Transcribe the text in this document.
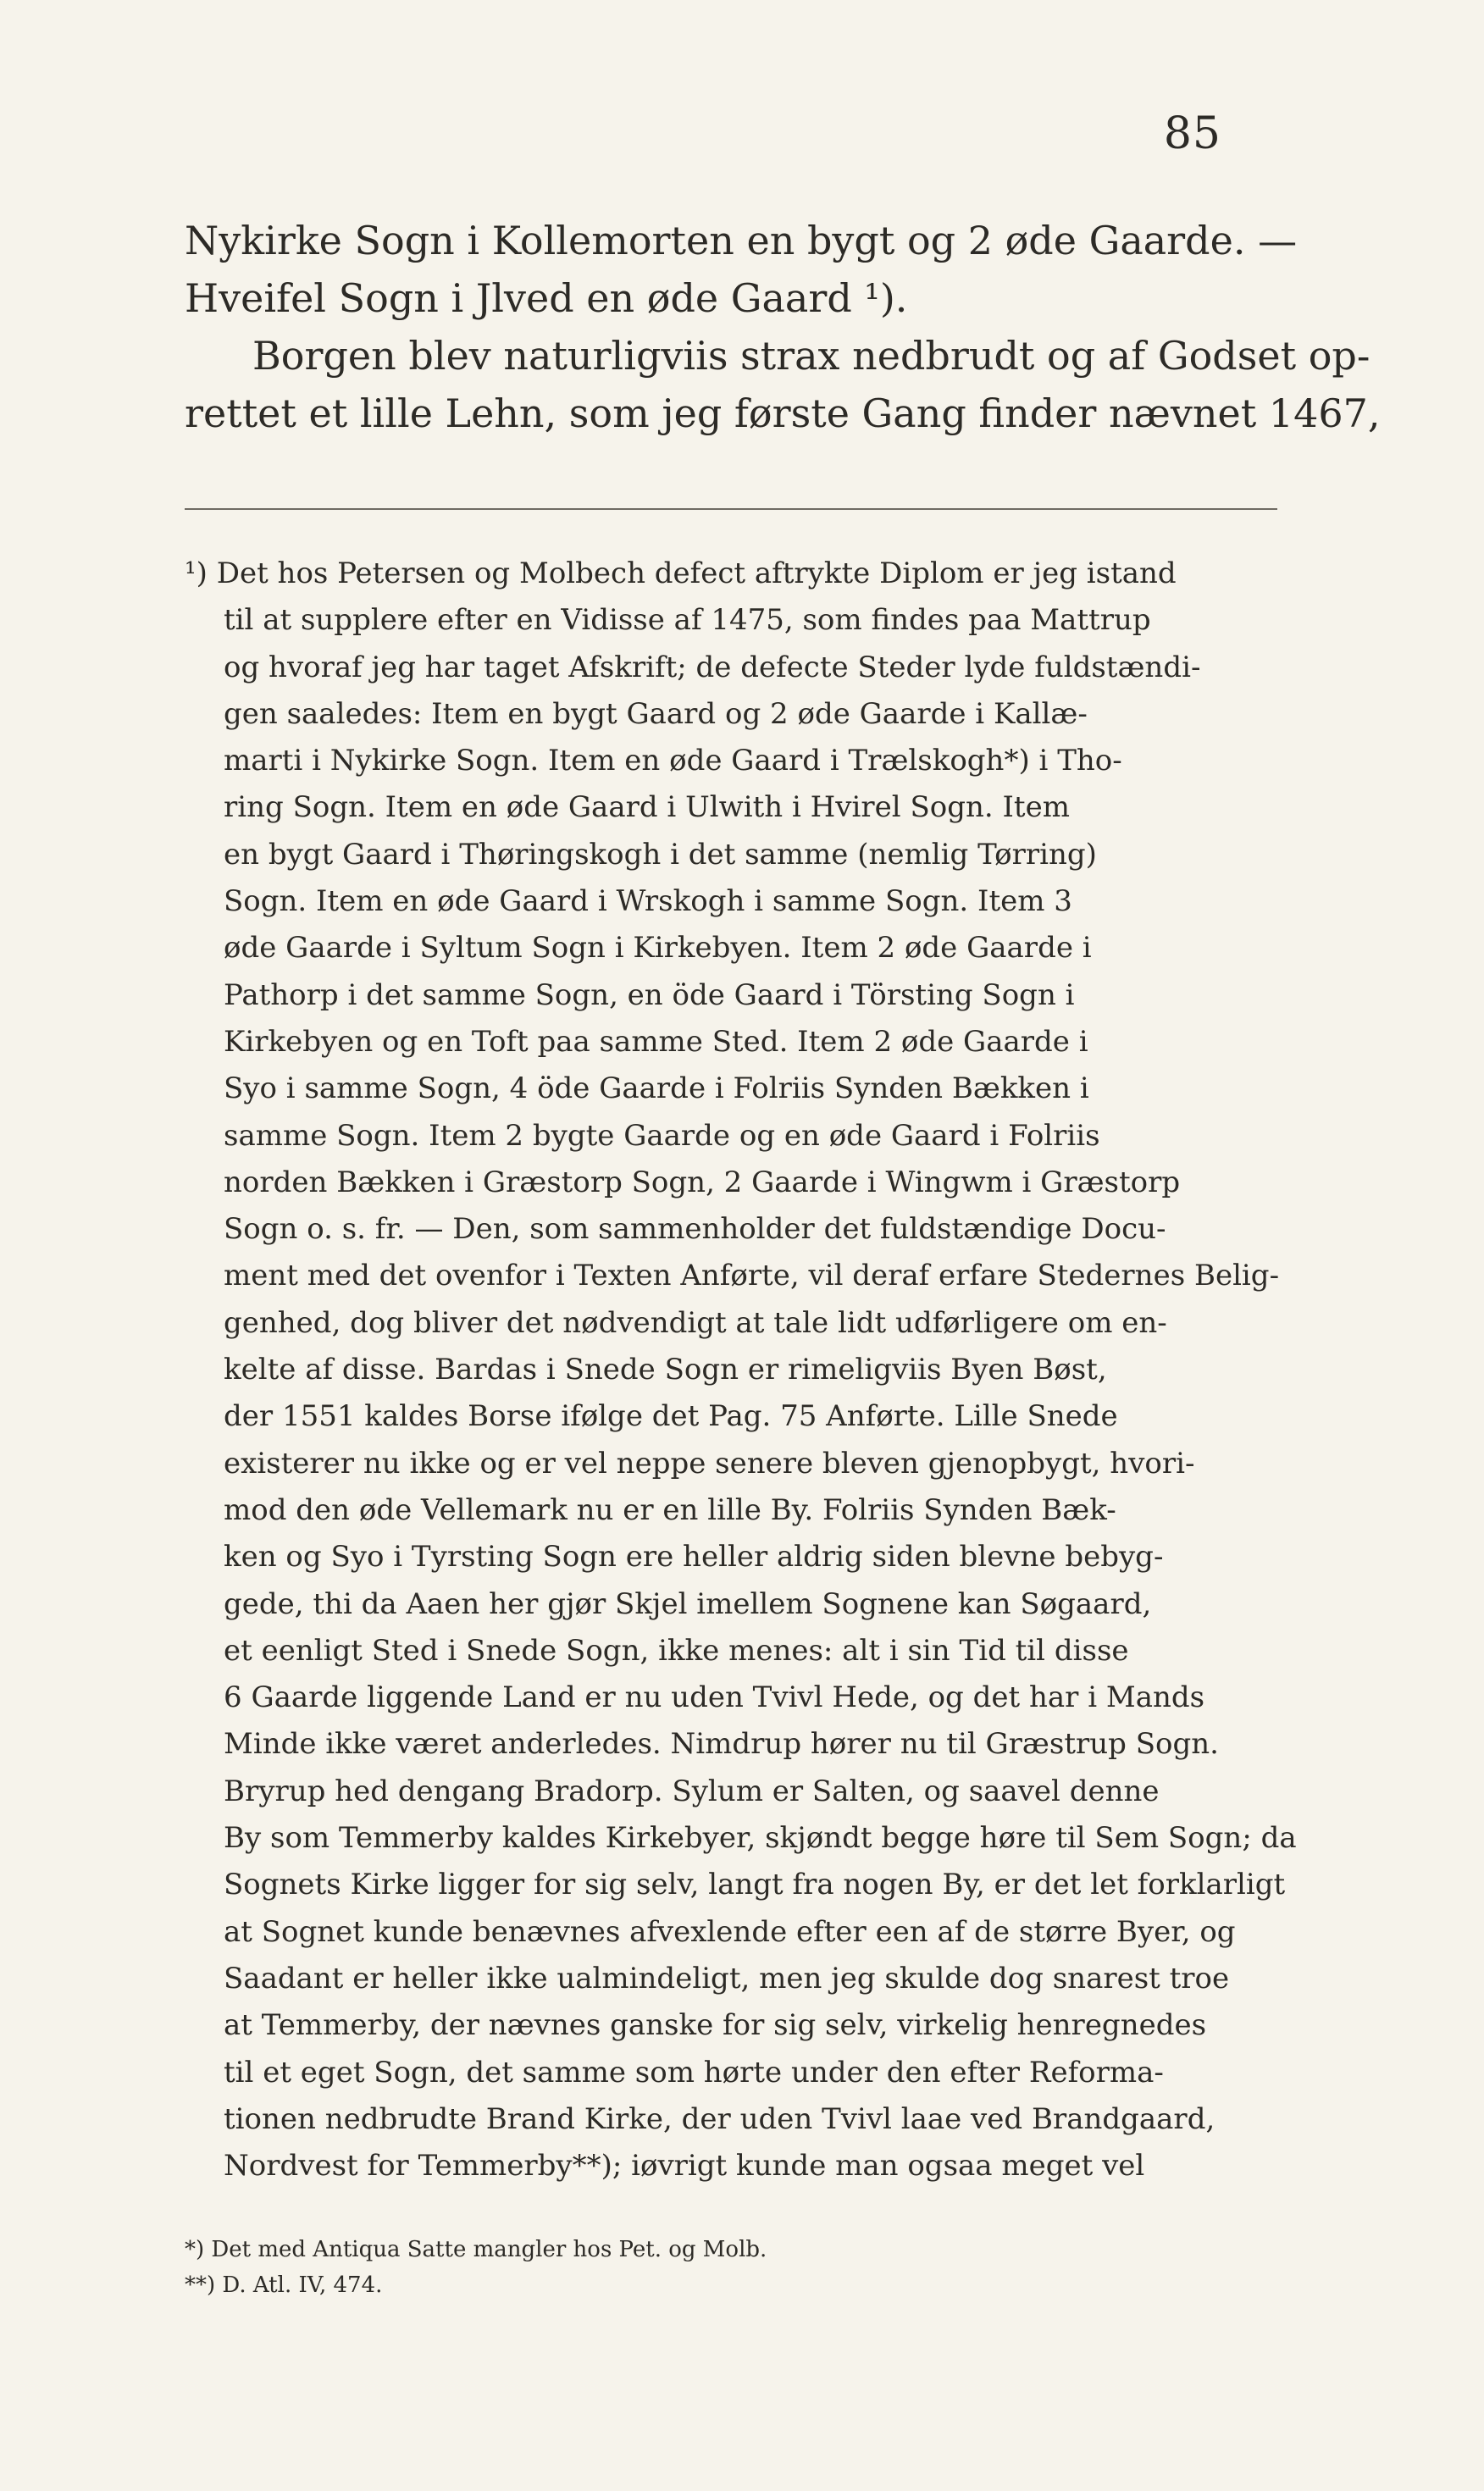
85
Nykirke Sogn i Kollemorten en bygt og 2 øde Gaarde. —
Hveifel Sogn i Jlved en øde Gaard ¹).
Borgen blev naturligviis strax nedbrudt og af Godset op-
rettet et lille Lehn, som jeg første Gang finder nævnet 1467,
¹) Det hos Petersen og Molbech defect aftrykte Diplom er jeg istand
til at supplere efter en Vidisse af 1475, som findes paa Mattrup
og hvoraf jeg har taget Afskrift; de defecte Steder lyde fuldstændi-
gen saaledes: Item en bygt Gaard og 2 øde Gaarde i Kallæ-
marti i Nykirke Sogn. Item en øde Gaard i Trælskogh*) i Tho-
ring Sogn. Item en øde Gaard i Ulwith i Hvirel Sogn. Item
en bygt Gaard i Thøringskogh i det samme (nemlig Tørring)
Sogn. Item en øde Gaard i Wrskogh i samme Sogn. Item 3
øde Gaarde i Syltum Sogn i Kirkebyen. Item 2 øde Gaarde i
Pathorp i det samme Sogn, en öde Gaard i Törsting Sogn i
Kirkebyen og en Toft paa samme Sted. Item 2 øde Gaarde i
Syo i samme Sogn, 4 öde Gaarde i Folriis Synden Bækken i
samme Sogn. Item 2 bygte Gaarde og en øde Gaard i Folriis
norden Bækken i Græstorp Sogn, 2 Gaarde i Wingwm i Græstorp
Sogn o. s. fr. — Den, som sammenholder det fuldstændige Docu-
ment med det ovenfor i Texten Anførte, vil deraf erfare Stedernes Belig-
genhed, dog bliver det nødvendigt at tale lidt udførligere om en-
kelte af disse. Bardas i Snede Sogn er rimeligviis Byen Bøst,
der 1551 kaldes Borse ifølge det Pag. 75 Anførte. Lille Snede
existerer nu ikke og er vel neppe senere bleven gjenopbygt, hvori-
mod den øde Vellemark nu er en lille By. Folriis Synden Bæk-
ken og Syo i Tyrsting Sogn ere heller aldrig siden blevne bebyg-
gede, thi da Aaen her gjør Skjel imellem Sognene kan Søgaard,
et eenligt Sted i Snede Sogn, ikke menes: alt i sin Tid til disse
6 Gaarde liggende Land er nu uden Tvivl Hede, og det har i Mands
Minde ikke været anderledes. Nimdrup hører nu til Græstrup Sogn.
Bryrup hed dengang Bradorp. Sylum er Salten, og saavel denne
By som Temmerby kaldes Kirkebyer, skjøndt begge høre til Sem Sogn; da
Sognets Kirke ligger for sig selv, langt fra nogen By, er det let forklarligt
at Sognet kunde benævnes afvexlende efter een af de større Byer, og
Saadant er heller ikke ualmindeligt, men jeg skulde dog snarest troe
at Temmerby, der nævnes ganske for sig selv, virkelig henregnedes
til et eget Sogn, det samme som hørte under den efter Reforma-
tionen nedbrudte Brand Kirke, der uden Tvivl laae ved Brandgaard,
Nordvest for Temmerby**); iøvrigt kunde man ogsaa meget vel
*) Det med Antiqua Satte mangler hos Pet. og Molb.
**) D. Atl. IV, 474.
